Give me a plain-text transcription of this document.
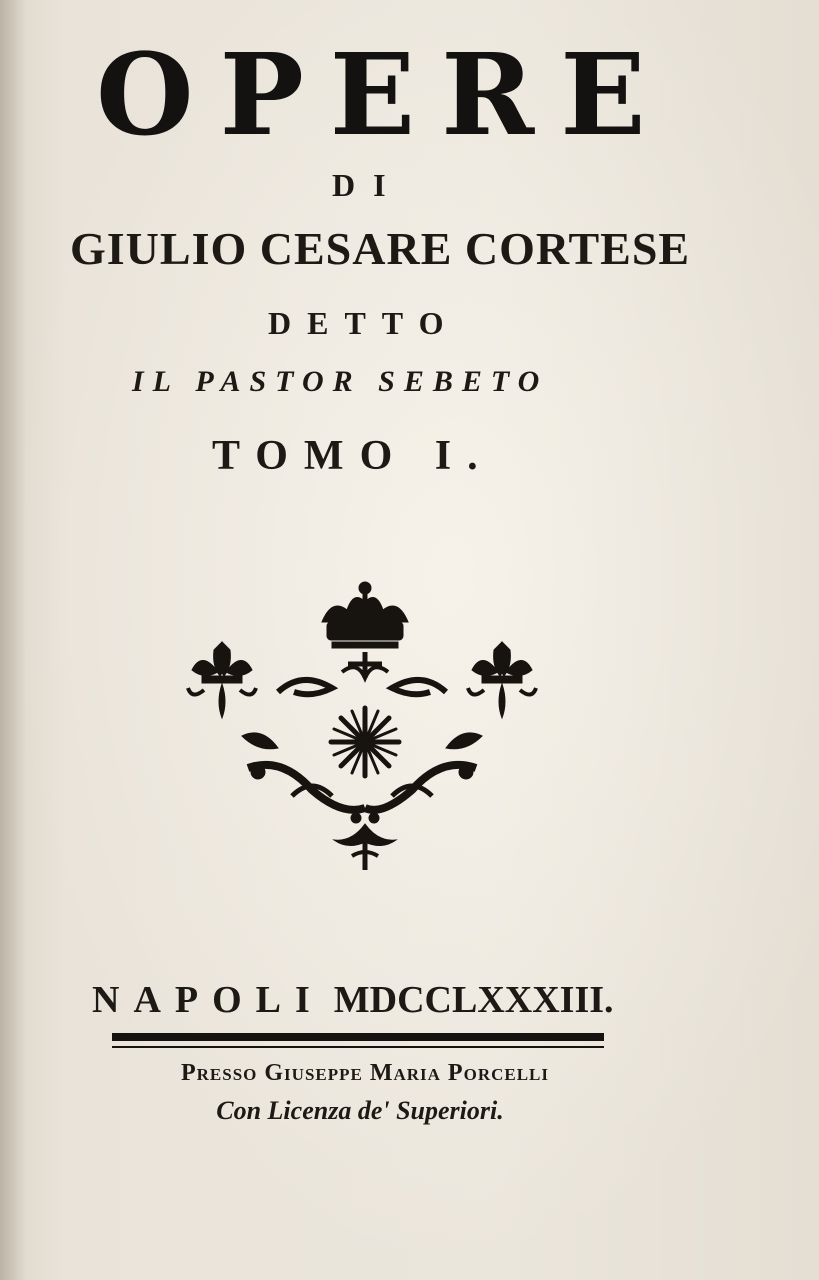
OPERE
DI
GIULIO CESARE CORTESE
DETTO
IL PASTOR SEBETO
TOMO I.
NAPOLI MDCCLXXXIII.
Presso Giuseppe Maria Porcelli
Con Licenza de' Superiori.
